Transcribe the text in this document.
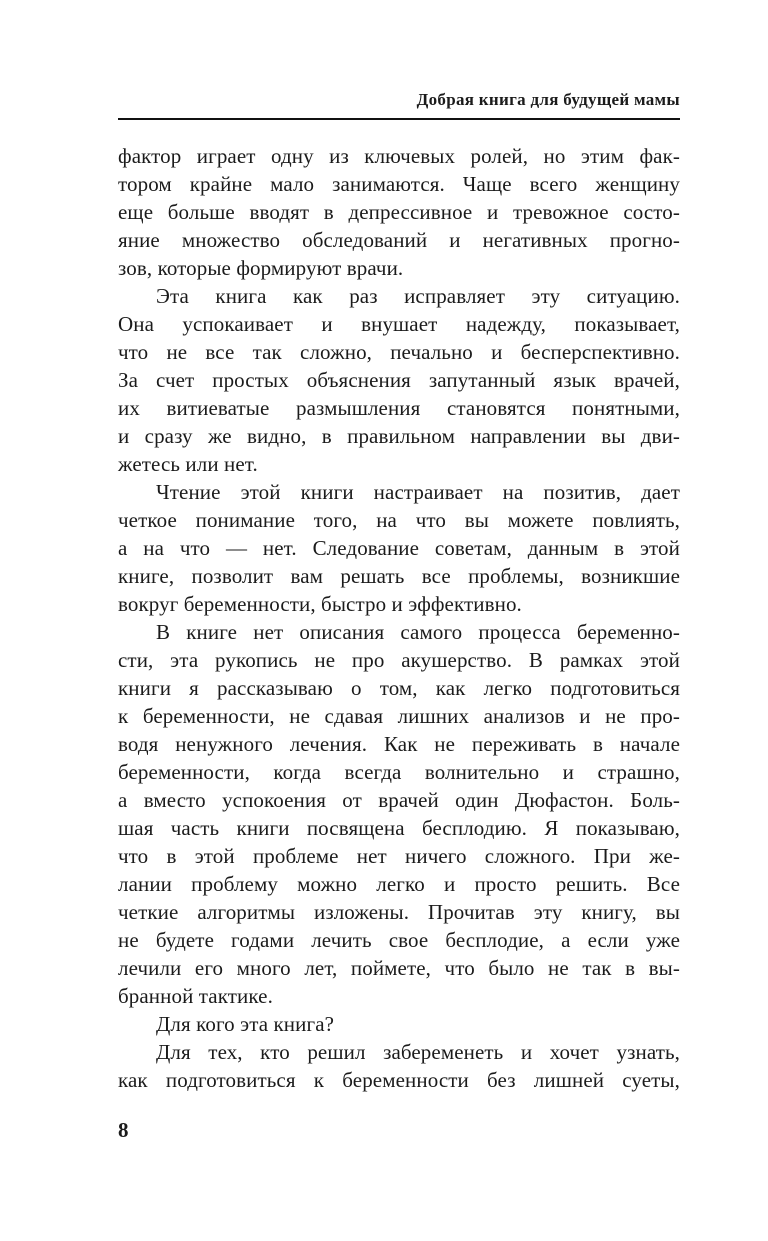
Добрая книга для будущей мамы
фактор играет одну из ключевых ролей, но этим фак-
тором крайне мало занимаются. Чаще всего женщину
еще больше вводят в депрессивное и тревожное состо-
яние множество обследований и негативных прогно-
зов, которые формируют врачи.
Эта книга как раз исправляет эту ситуацию.
Она успокаивает и внушает надежду, показывает,
что не все так сложно, печально и бесперспективно.
За счет простых объяснения запутанный язык врачей,
их витиеватые размышления становятся понятными,
и сразу же видно, в правильном направлении вы дви-
жетесь или нет.
Чтение этой книги настраивает на позитив, дает
четкое понимание того, на что вы можете повлиять,
а на что — нет. Следование советам, данным в этой
книге, позволит вам решать все проблемы, возникшие
вокруг беременности, быстро и эффективно.
В книге нет описания самого процесса беременно-
сти, эта рукопись не про акушерство. В рамках этой
книги я рассказываю о том, как легко подготовиться
к беременности, не сдавая лишних анализов и не про-
водя ненужного лечения. Как не переживать в начале
беременности, когда всегда волнительно и страшно,
а вместо успокоения от врачей один Дюфастон. Боль-
шая часть книги посвящена бесплодию. Я показываю,
что в этой проблеме нет ничего сложного. При же-
лании проблему можно легко и просто решить. Все
четкие алгоритмы изложены. Прочитав эту книгу, вы
не будете годами лечить свое бесплодие, а если уже
лечили его много лет, поймете, что было не так в вы-
бранной тактике.
Для кого эта книга?
Для тех, кто решил забеременеть и хочет узнать,
как подготовиться к беременности без лишней суеты,
8
